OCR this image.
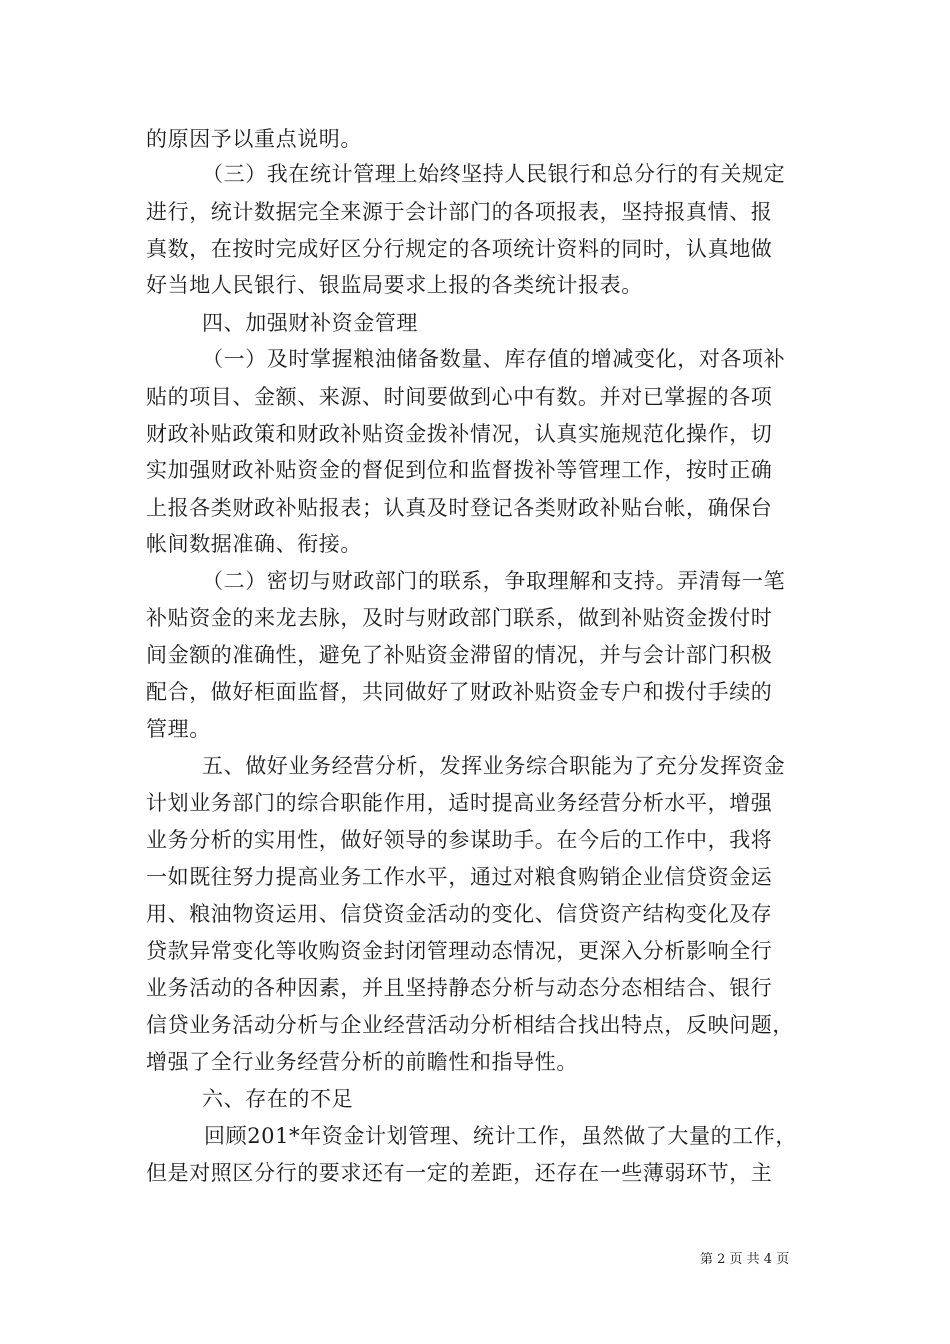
的原因予以重点说明。
（三）我在统计管理上始终坚持人民银行和总分行的有关规定
进行，统计数据完全来源于会计部门的各项报表，坚持报真情、报
真数，在按时完成好区分行规定的各项统计资料的同时，认真地做
好当地人民银行、银监局要求上报的各类统计报表。
四、加强财补资金管理
（一）及时掌握粮油储备数量、库存值的增减变化，对各项补
贴的项目、金额、来源、时间要做到心中有数。并对已掌握的各项
财政补贴政策和财政补贴资金拨补情况，认真实施规范化操作，切
实加强财政补贴资金的督促到位和监督拨补等管理工作，按时正确
上报各类财政补贴报表；认真及时登记各类财政补贴台帐，确保台
帐间数据准确、衔接。
（二）密切与财政部门的联系，争取理解和支持。弄清每一笔
补贴资金的来龙去脉，及时与财政部门联系，做到补贴资金拨付时
间金额的准确性，避免了补贴资金滞留的情况，并与会计部门积极
配合，做好柜面监督，共同做好了财政补贴资金专户和拨付手续的
管理。
五、做好业务经营分析，发挥业务综合职能为了充分发挥资金
计划业务部门的综合职能作用，适时提高业务经营分析水平，增强
业务分析的实用性，做好领导的参谋助手。在今后的工作中，我将
一如既往努力提高业务工作水平，通过对粮食购销企业信贷资金运
用、粮油物资运用、信贷资金活动的变化、信贷资产结构变化及存
贷款异常变化等收购资金封闭管理动态情况，更深入分析影响全行
业务活动的各种因素，并且坚持静态分析与动态分态相结合、银行
信贷业务活动分析与企业经营活动分析相结合找出特点，反映问题，
增强了全行业务经营分析的前瞻性和指导性。
六、存在的不足
回顾201*年资金计划管理、统计工作，虽然做了大量的工作，
但是对照区分行的要求还有一定的差距，还存在一些薄弱环节，主
第 2 页 共 4 页
